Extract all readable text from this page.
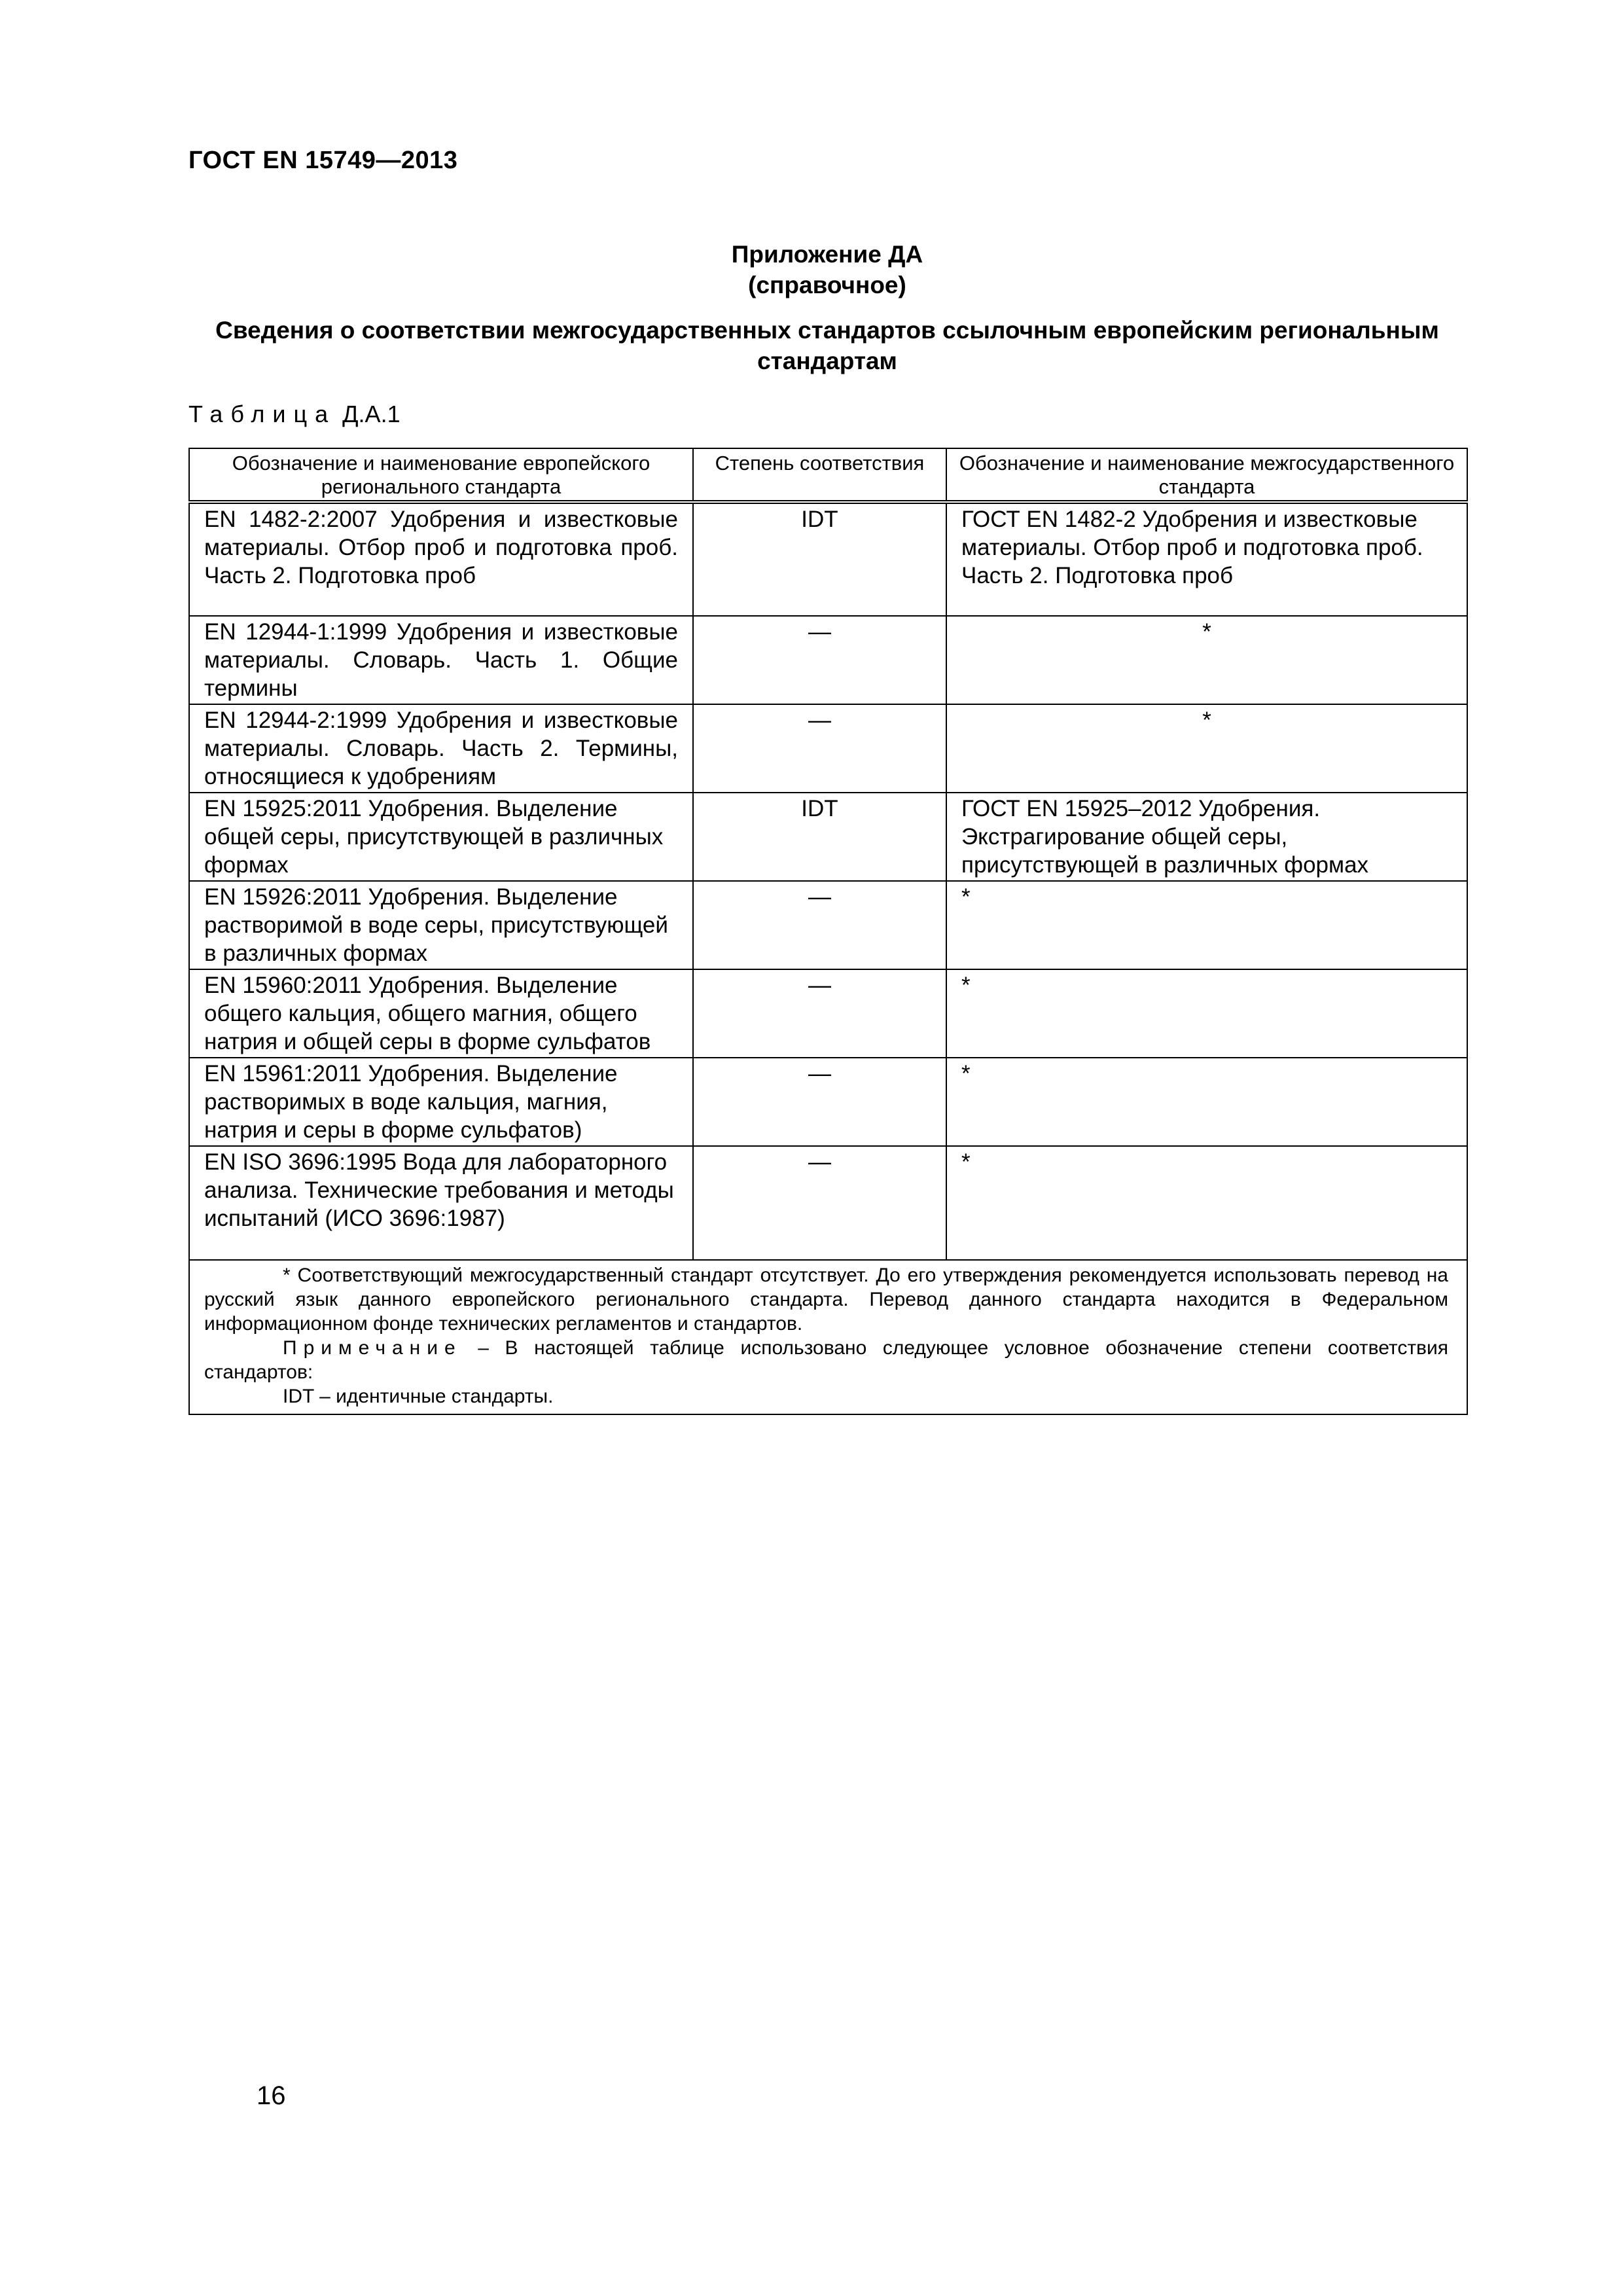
ГОСТ EN 15749—2013
Приложение ДА
(справочное)
Сведения о соответствии межгосударственных стандартов ссылочным европейским региональным стандартам
Таблица Д.А.1
Обозначение и наименование европейского регионального стандарта	Степень соответствия	Обозначение и наименование межгосударственного стандарта
EN 1482-2:2007 Удобрения и известковые материалы. Отбор проб и подготовка проб. Часть 2. Подготовка проб	IDT	ГОСТ EN 1482-2 Удобрения и известковые материалы. Отбор проб и подготовка проб. Часть 2. Подготовка проб
EN 12944-1:1999 Удобрения и известковые материалы. Словарь. Часть 1. Общие термины	—	*
EN 12944-2:1999 Удобрения и известковые материалы. Словарь. Часть 2. Термины, относящиеся к удобрениям	—	*
EN 15925:2011 Удобрения. Выделение общей серы, присутствующей в различных формах	IDT	ГОСТ EN 15925–2012 Удобрения. Экстрагирование общей серы, присутствующей в различных формах
EN 15926:2011 Удобрения. Выделение растворимой в воде серы, присутствующей в различных формах	—	*
EN 15960:2011 Удобрения. Выделение общего кальция, общего магния, общего натрия и общей серы в форме сульфатов	—	*
EN 15961:2011 Удобрения. Выделение растворимых в воде кальция, магния, натрия и серы в форме сульфатов)	—	*
EN ISO 3696:1995 Вода для лабораторного анализа. Технические требования и методы испытаний (ИСО 3696:1987)	—	*

* Соответствующий межгосударственный стандарт отсутствует. До его утверждения рекомендуется использовать перевод на русский язык данного европейского регионального стандарта. Перевод данного стандарта находится в Федеральном информационном фонде технических регламентов и стандартов.
Примечание – В настоящей таблице использовано следующее условное обозначение степени соответствия стандартов:
IDT – идентичные стандарты.		
16
